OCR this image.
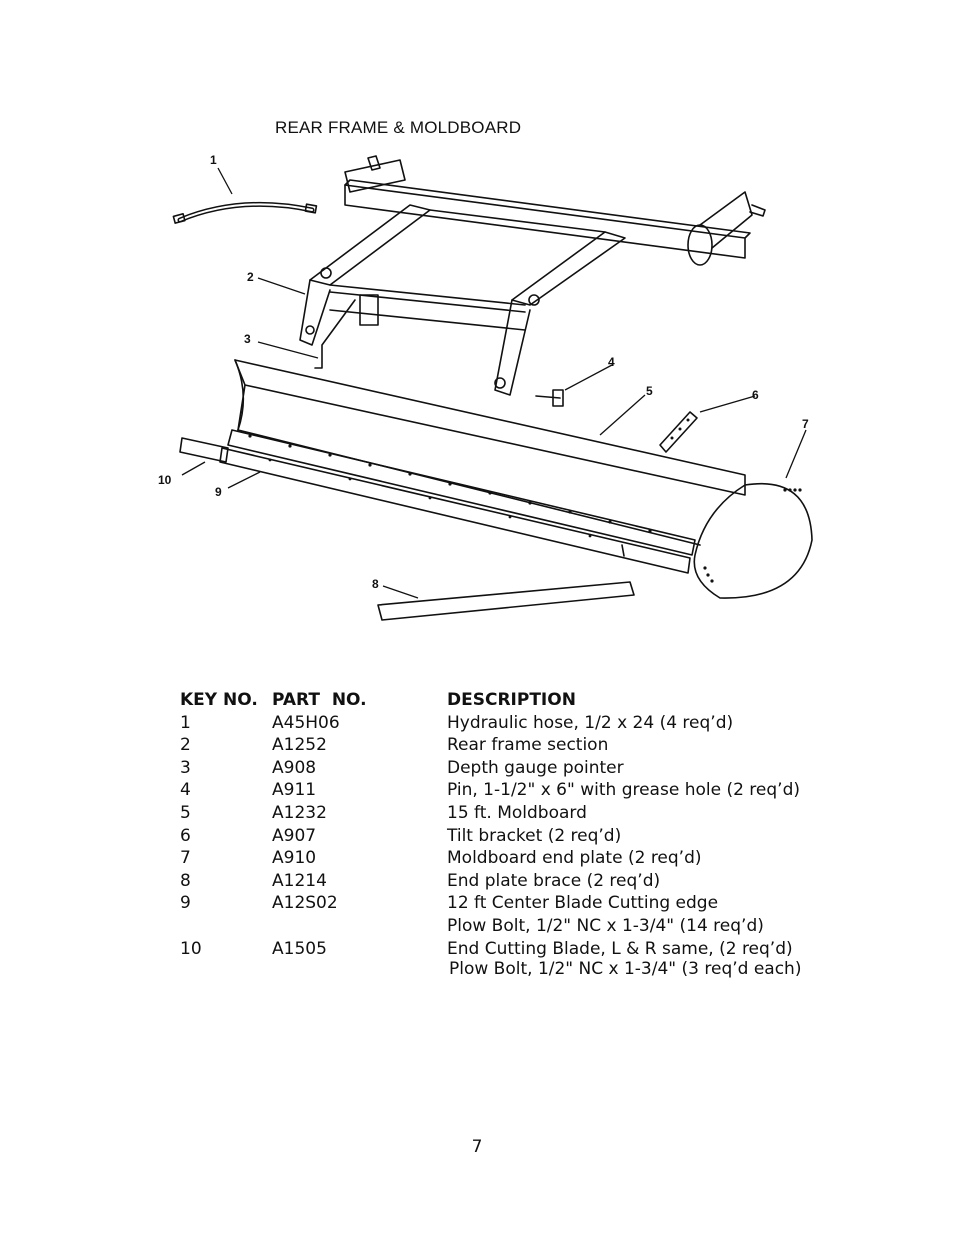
REAR FRAME & MOLDBOARD
1
2
3
4
5	6
7
8
9
10
KEY NO. PART  NO.	DESCRIPTION
1	A45H06	Hydraulic hose, 1/2 x 24 (4 req’d)
2	A1252	Rear frame section
3	A908	Depth gauge pointer
4	A911	Pin, 1-1/2" x 6" with grease hole (2 req’d)
5	A1232	15 ft. Moldboard
6	A907	Tilt bracket (2 req’d)
7	A910	Moldboard end plate (2 req’d)
8	A1214	End plate brace (2 req’d)
9	A12S02	12 ft Center Blade Cutting edge
Plow Bolt, 1/2" NC x 1-3/4" (14 req’d)
10	A1505	End Cutting Blade, L & R same, (2 req’d)
Plow Bolt, 1/2" NC x 1-3/4" (3 req’d each)
7
